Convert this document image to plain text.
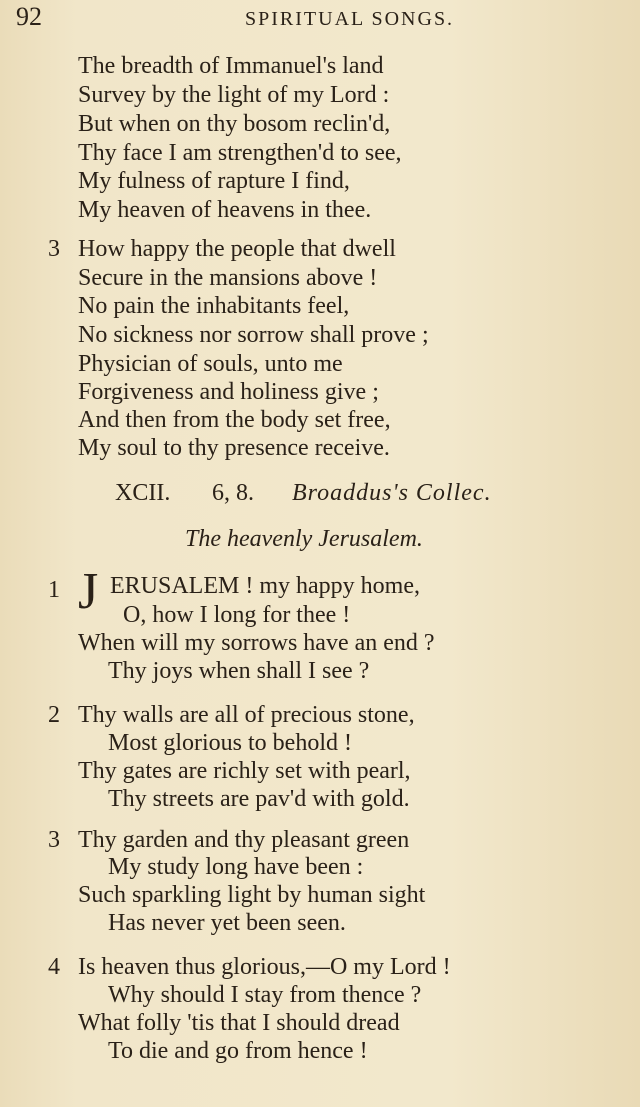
92	SPIRITUAL SONGS.
The breadth of Immanuel's land
Survey by the light of my Lord :
But when on thy bosom reclin'd,
Thy face I am strengthen'd to see,
My fulness of rapture I find,
My heaven of heavens in thee.
3 How happy the people that dwell
Secure in the mansions above !
No pain the inhabitants feel,
No sickness nor sorrow shall prove ;
Physician of souls, unto me
Forgiveness and holiness give ;
And then from the body set free,
My soul to thy presence receive.
XCII. 6, 8. Broaddus's Collec.
The heavenly Jerusalem.
1 J ERUSALEM ! my happy home,
O, how I long for thee !
When will my sorrows have an end ?
Thy joys when shall I see ?
2 Thy walls are all of precious stone,
Most glorious to behold !
Thy gates are richly set with pearl,
Thy streets are pav'd with gold.
3 Thy garden and thy pleasant green
My study long have been :
Such sparkling light by human sight
Has never yet been seen.
4 Is heaven thus glorious,—O my Lord !
Why should I stay from thence ?
What folly 'tis that I should dread
To die and go from hence !
